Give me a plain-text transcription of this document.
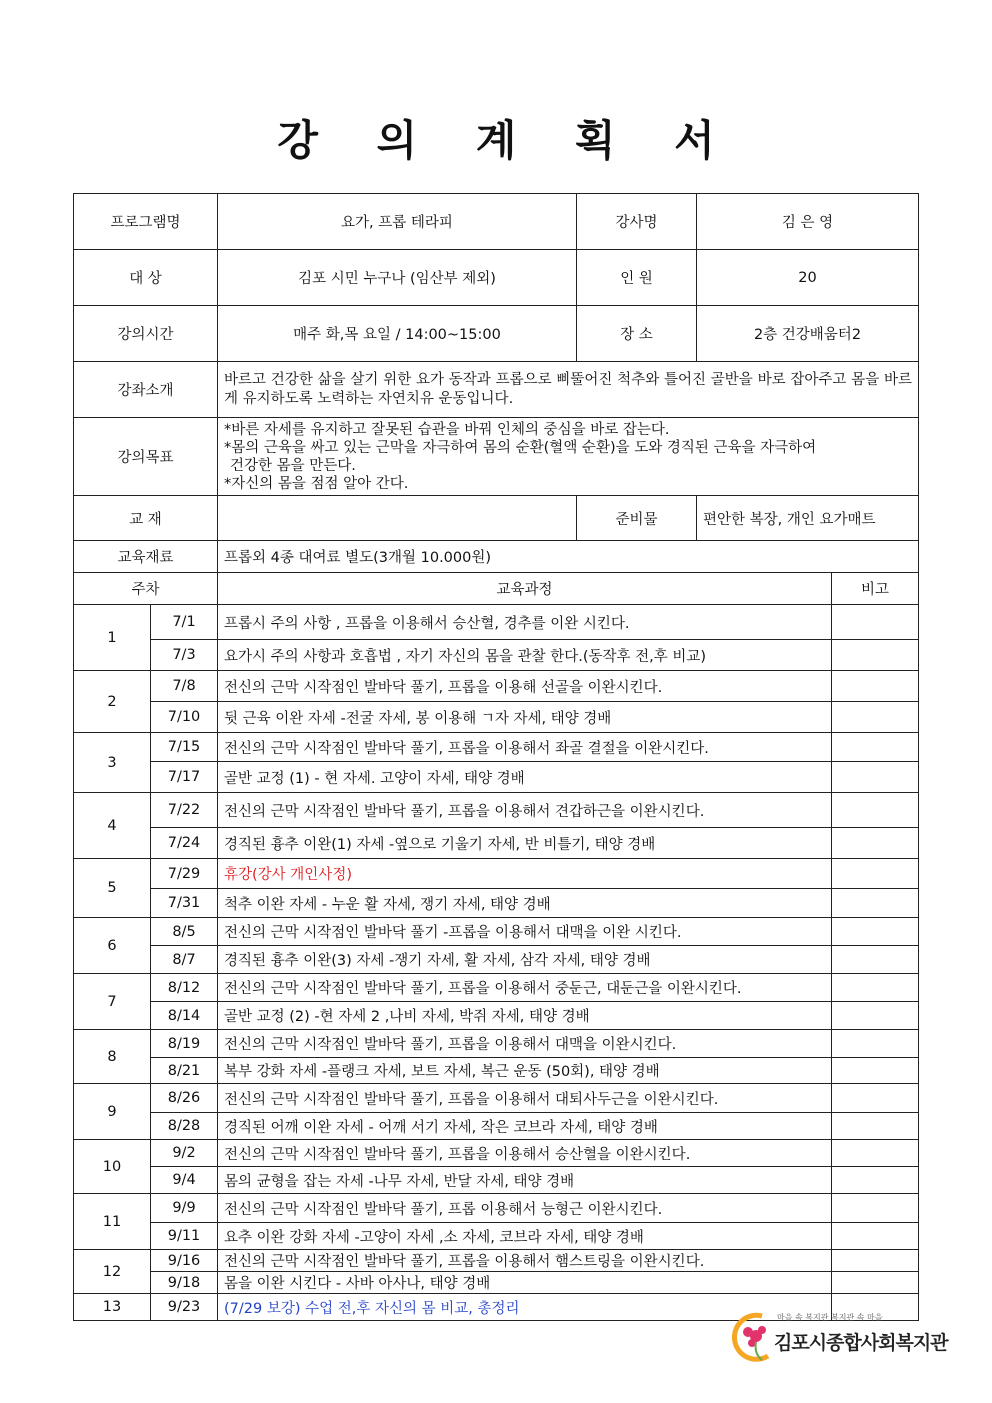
강 의 계 획 서
프로그램명	요가, 프롭 테라피	강사명	김 은 영
대 상	김포 시민 누구나 (임산부 제외)	인 원	20
강의시간	매주 화,목 요일 / 14:00~15:00	장 소	2층 건강배움터2
강좌소개	바르고 건강한 삶을 살기 위한 요가 동작과 프롭으로 삐뚤어진 척추와 틀어진 골반을 바로 잡아주고 몸을 바르게 유지하도록 노력하는 자연치유 운동입니다.		
강의목표	*바른 자세를 유지하고 잘못된 습관을 바꿔 인체의 중심을 바로 잡는다.
*몸의 근육을 싸고 있는 근막을 자극하여 몸의 순환(혈액 순환)을 도와 경직된 근육을 자극하여
건강한 몸을 만든다.
*자신의 몸을 점점 알아 간다.		

교 재		준비물	편안한 복장, 개인 요가매트
교육재료		프롭외 4종 대여료 별도(3개월 10.000원)	
주차		교육과정	비고
1	7/1	프롭시 주의 사항 , 프롭을 이용해서 승산혈, 경추를 이완 시킨다.	
	7/3	요가시 주의 사항과 호흡법 , 자기 자신의 몸을 관찰 한다.(동작후 전,후 비교)	
2	7/8	전신의 근막 시작점인 발바닥 풀기, 프롭을 이용해 선골을 이완시킨다.	
	7/10	뒷 근육 이완 자세 -전굴 자세, 봉 이용해 ㄱ자 자세, 태양 경배	
3	7/15	전신의 근막 시작점인 발바닥 풀기, 프롭을 이용해서 좌골 결절을 이완시킨다.	
	7/17	골반 교정 (1) - 현 자세. 고양이 자세, 태양 경배	
4	7/22	전신의 근막 시작점인 발바닥 풀기, 프롭을 이용해서 견갑하근을 이완시킨다.	
	7/24	경직된 흉추 이완(1) 자세 -옆으로 기울기 자세, 반 비틀기, 태양 경배	
5	7/29	휴강(강사 개인사정)	
	7/31	척추 이완 자세 - 누운 활 자세, 쟁기 자세, 태양 경배	
6	8/5	전신의 근막 시작점인 발바닥 풀기 -프롭을 이용해서 대맥을 이완 시킨다.	
	8/7	경직된 흉추 이완(3) 자세 -쟁기 자세, 활 자세, 삼각 자세, 태양 경배	
7	8/12	전신의 근막 시작점인 발바닥 풀기, 프롭을 이용해서 중둔근, 대둔근을 이완시킨다.	
	8/14	골반 교정 (2) -현 자세 2 ,나비 자세, 박쥐 자세, 태양 경배	
8	8/19	전신의 근막 시작점인 발바닥 풀기, 프롭을 이용해서 대맥을 이완시킨다.	
	8/21	복부 강화 자세 -플랭크 자세, 보트 자세, 복근 운동 (50회), 태양 경배	
9	8/26	전신의 근막 시작점인 발바닥 풀기, 프롭을 이용해서 대퇴사두근을 이완시킨다.	
	8/28	경직된 어깨 이완 자세 - 어깨 서기 자세, 작은 코브라 자세, 태양 경배	
10	9/2	전신의 근막 시작점인 발바닥 풀기, 프롭을 이용해서 승산혈을 이완시킨다.	
	9/4	몸의 균형을 잡는 자세 -나무 자세, 반달 자세, 태양 경배	
11	9/9	전신의 근막 시작점인 발바닥 풀기, 프롭 이용해서 능형근 이완시킨다.	
	9/11	요추 이완 강화 자세 -고양이 자세 ,소 자세, 코브라 자세, 태양 경배	
12	9/16	전신의 근막 시작점인 발바닥 풀기, 프롭을 이용해서 햄스트링을 이완시킨다.	
	9/18	몸을 이완 시킨다 - 사바 아사나, 태양 경배	
13	9/23	(7/29 보강) 수업 전,후 자신의 몸 비교, 총정리	
마을 속 복지관 복지관 속 마을
김포시종합사회복지관
